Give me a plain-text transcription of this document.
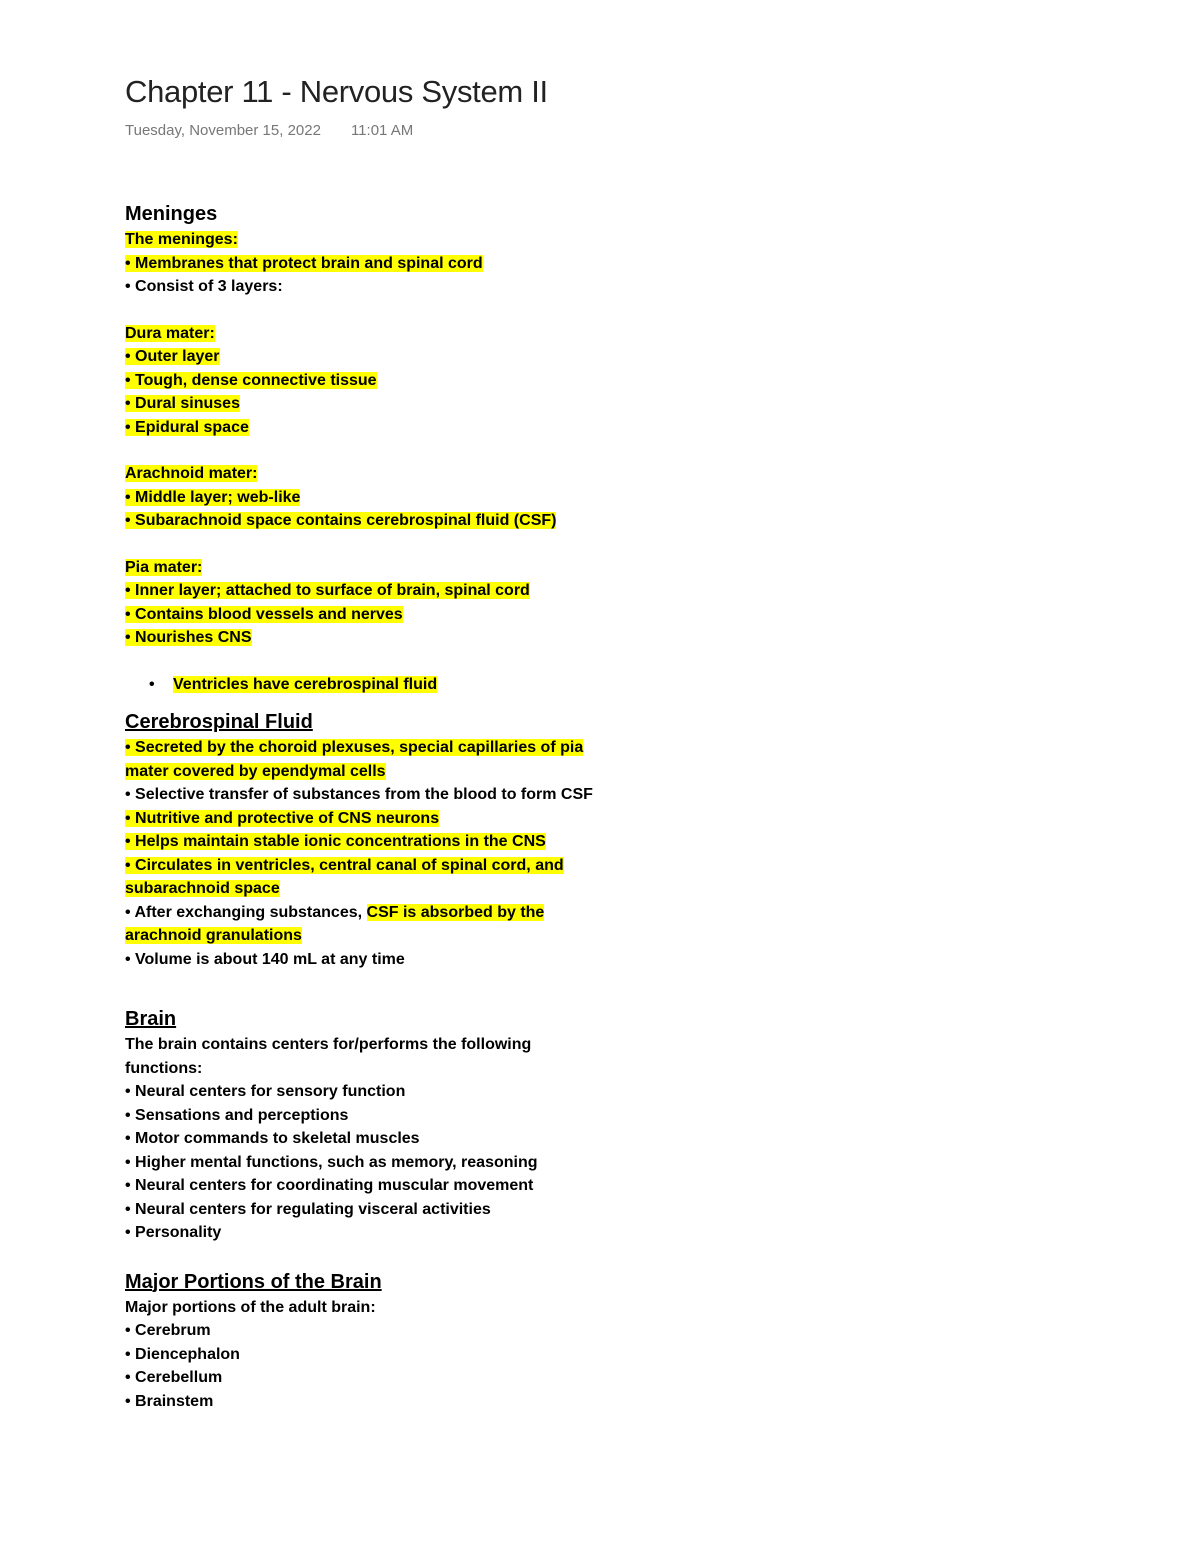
Chapter 11 - Nervous System II
Tuesday, November 15, 2022 11:01 AM
Meninges
The meninges:
• Membranes that protect brain and spinal cord
• Consist of 3 layers:
Dura mater:
• Outer layer
• Tough, dense connective tissue
• Dural sinuses
• Epidural space
Arachnoid mater:
• Middle layer; web-like
• Subarachnoid space contains cerebrospinal fluid (CSF)
Pia mater:
• Inner layer; attached to surface of brain, spinal cord
• Contains blood vessels and nerves
• Nourishes CNS
• Ventricles have cerebrospinal fluid
Cerebrospinal Fluid
• Secreted by the choroid plexuses, special capillaries of pia mater covered by ependymal cells
• Selective transfer of substances from the blood to form CSF
• Nutritive and protective of CNS neurons
• Helps maintain stable ionic concentrations in the CNS
• Circulates in ventricles, central canal of spinal cord, and subarachnoid space
• After exchanging substances, CSF is absorbed by the arachnoid granulations
• Volume is about 140 mL at any time
Brain
The brain contains centers for/performs the following functions:
• Neural centers for sensory function
• Sensations and perceptions
• Motor commands to skeletal muscles
• Higher mental functions, such as memory, reasoning
• Neural centers for coordinating muscular movement
• Neural centers for regulating visceral activities
• Personality
Major Portions of the Brain
Major portions of the adult brain:
• Cerebrum
• Diencephalon
• Cerebellum
• Brainstem
